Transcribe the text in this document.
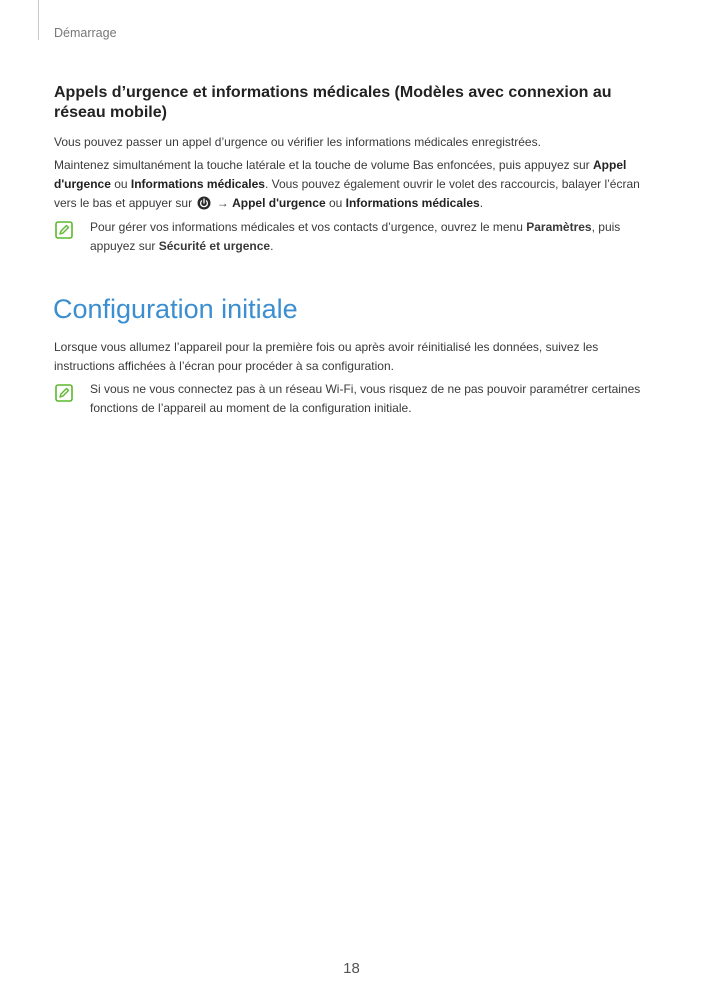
Démarrage
Appels d’urgence et informations médicales (Modèles avec connexion au réseau mobile)

Vous pouvez passer un appel d’urgence ou vérifier les informations médicales enregistrées.

Maintenez simultanément la touche latérale et la touche de volume Bas enfoncées, puis appuyez sur Appel d'urgence ou Informations médicales. Vous pouvez également ouvrir le volet des raccourcis, balayer l’écran vers le bas et appuyer sur  → Appel d'urgence ou Informations médicales.

Pour gérer vos informations médicales et vos contacts d’urgence, ouvrez le menu Paramètres, puis appuyez sur Sécurité et urgence.

Configuration initiale

Lorsque vous allumez l’appareil pour la première fois ou après avoir réinitialisé les données, suivez les instructions affichées à l’écran pour procéder à sa configuration.

Si vous ne vous connectez pas à un réseau Wi-Fi, vous risquez de ne pas pouvoir paramétrer certaines fonctions de l’appareil au moment de la configuration initiale.

18
